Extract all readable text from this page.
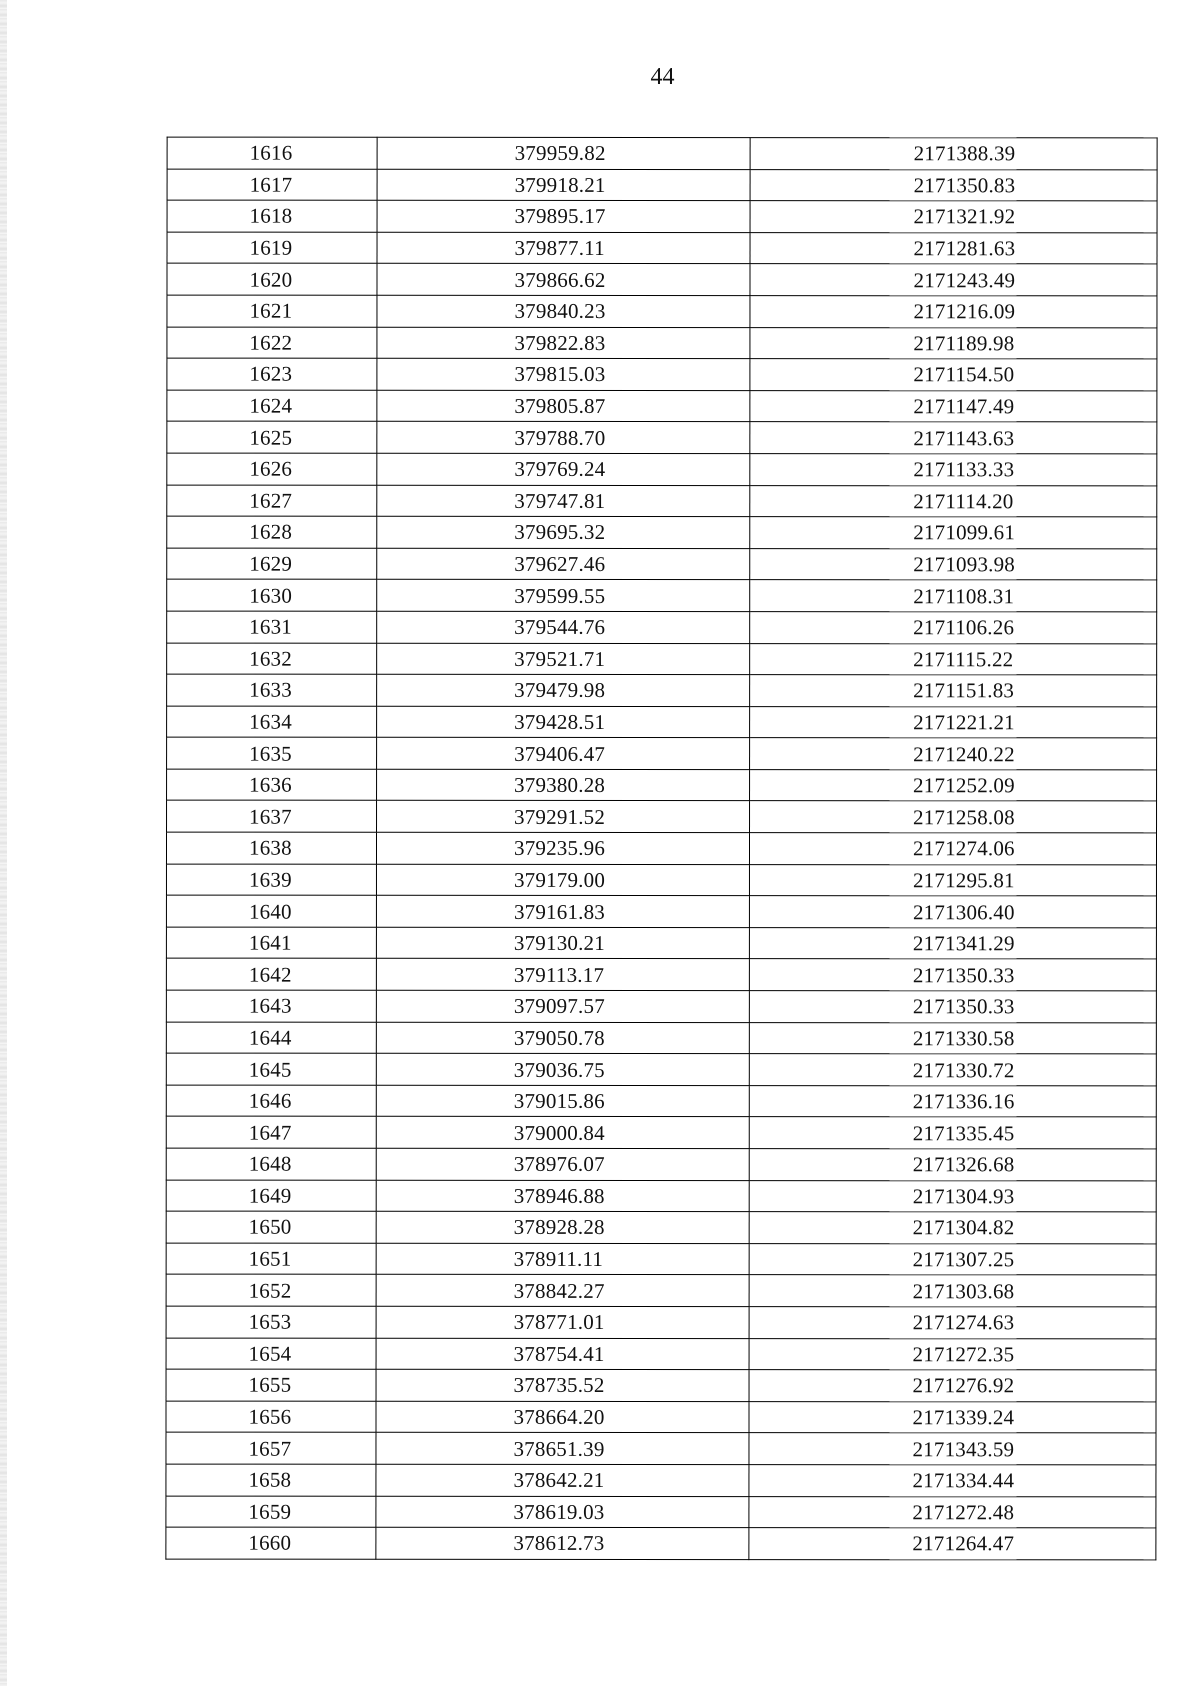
44
1616	379959.82	2171388.39
1617	379918.21	2171350.83
1618	379895.17	2171321.92
1619	379877.11	2171281.63
1620	379866.62	2171243.49
1621	379840.23	2171216.09
1622	379822.83	2171189.98
1623	379815.03	2171154.50
1624	379805.87	2171147.49
1625	379788.70	2171143.63
1626	379769.24	2171133.33
1627	379747.81	2171114.20
1628	379695.32	2171099.61
1629	379627.46	2171093.98
1630	379599.55	2171108.31
1631	379544.76	2171106.26
1632	379521.71	2171115.22
1633	379479.98	2171151.83
1634	379428.51	2171221.21
1635	379406.47	2171240.22
1636	379380.28	2171252.09
1637	379291.52	2171258.08
1638	379235.96	2171274.06
1639	379179.00	2171295.81
1640	379161.83	2171306.40
1641	379130.21	2171341.29
1642	379113.17	2171350.33
1643	379097.57	2171350.33
1644	379050.78	2171330.58
1645	379036.75	2171330.72
1646	379015.86	2171336.16
1647	379000.84	2171335.45
1648	378976.07	2171326.68
1649	378946.88	2171304.93
1650	378928.28	2171304.82
1651	378911.11	2171307.25
1652	378842.27	2171303.68
1653	378771.01	2171274.63
1654	378754.41	2171272.35
1655	378735.52	2171276.92
1656	378664.20	2171339.24
1657	378651.39	2171343.59
1658	378642.21	2171334.44
1659	378619.03	2171272.48
1660	378612.73	2171264.47
